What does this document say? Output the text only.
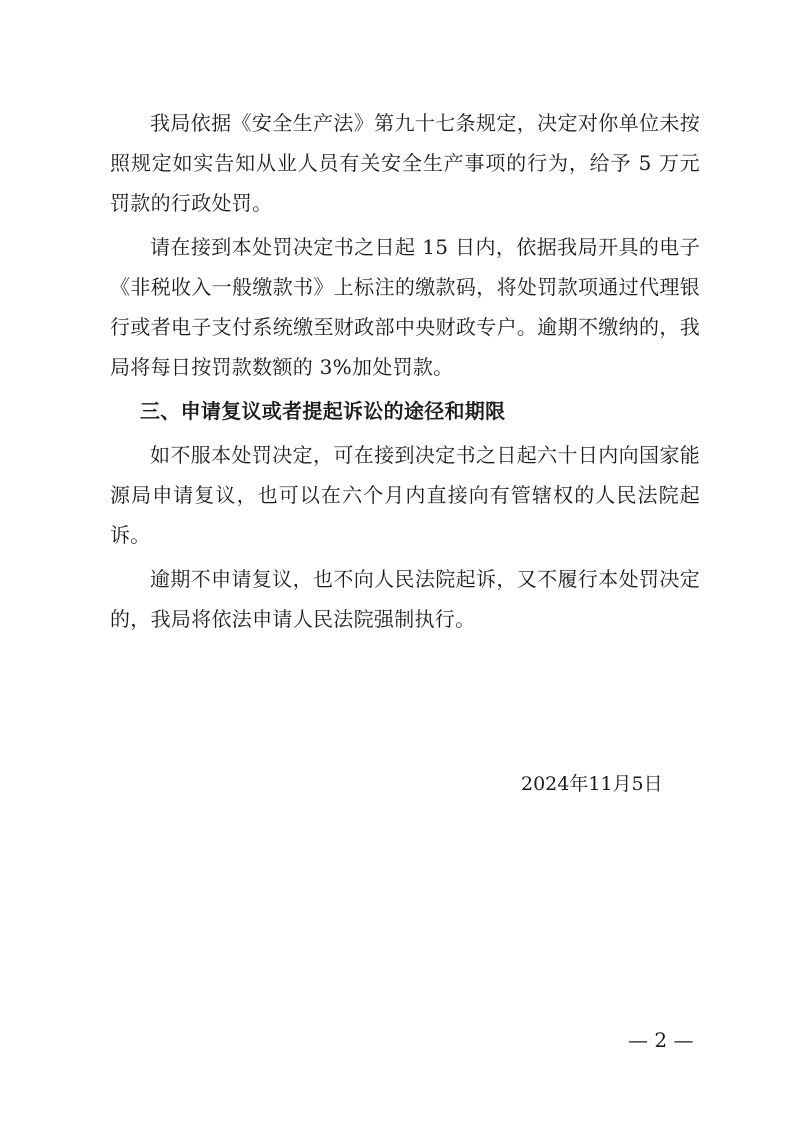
我局依据《安全生产法》第九十七条规定，决定对你单位未按照规定如实告知从业人员有关安全生产事项的行为，给予 5 万元罚款的行政处罚。

请在接到本处罚决定书之日起 15 日内，依据我局开具的电子《非税收入一般缴款书》上标注的缴款码，将处罚款项通过代理银行或者电子支付系统缴至财政部中央财政专户。逾期不缴纳的，我局将每日按罚款数额的 3%加处罚款。

三、申请复议或者提起诉讼的途径和期限

如不服本处罚决定，可在接到决定书之日起六十日内向国家能源局申请复议，也可以在六个月内直接向有管辖权的人民法院起诉。

逾期不申请复议，也不向人民法院起诉，又不履行本处罚决定的，我局将依法申请人民法院强制执行。

2024年11月5日
— 2 —
